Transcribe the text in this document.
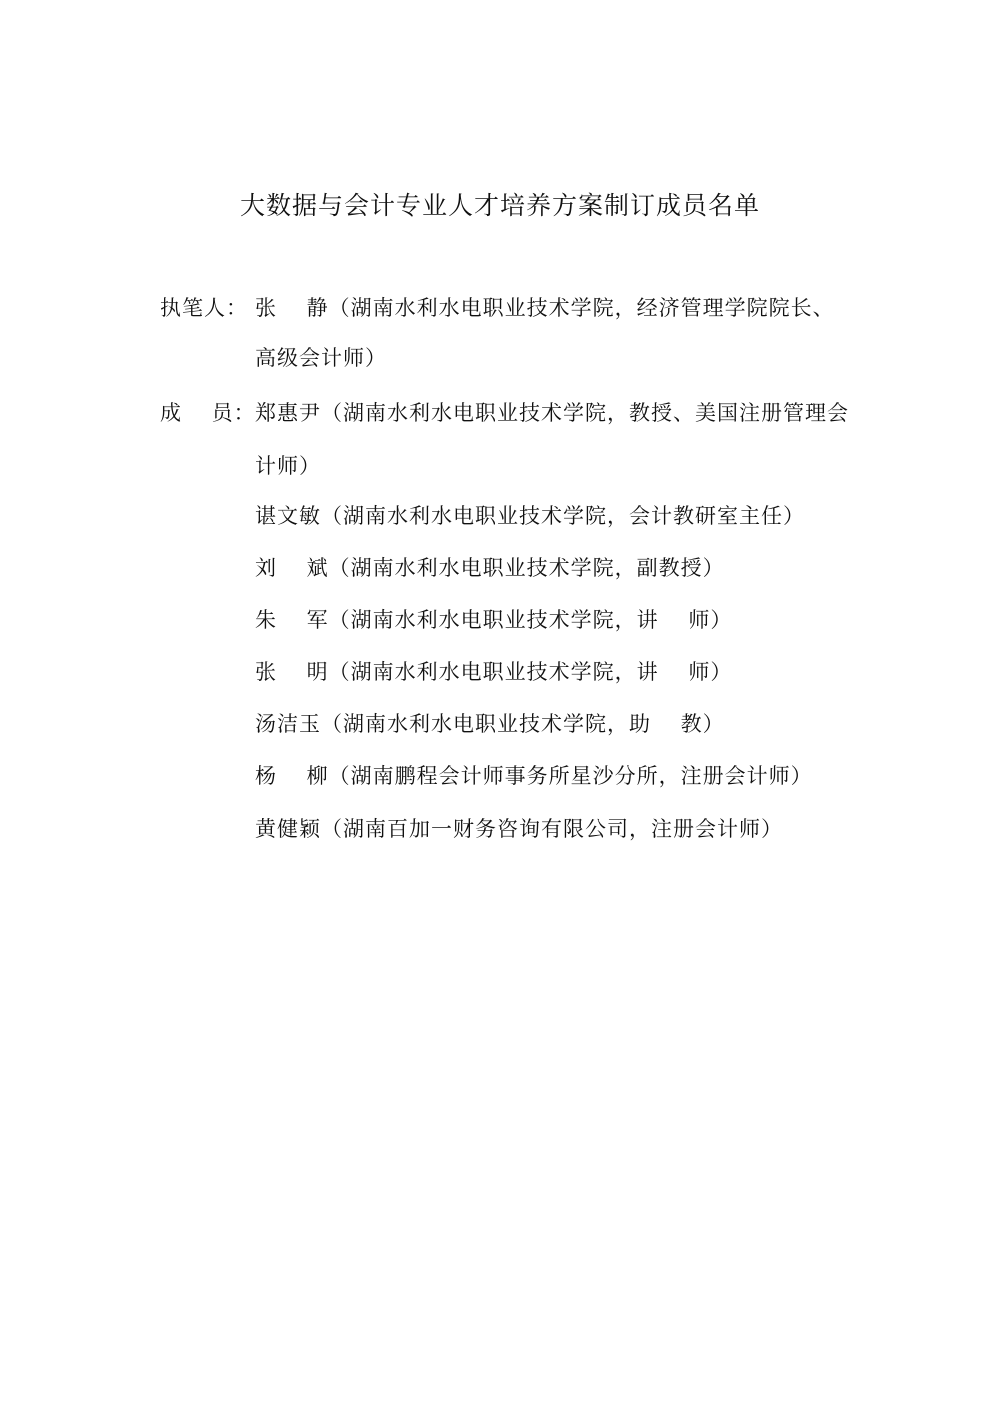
大数据与会计专业人才培养方案制订成员名单
执笔人： 张　 静（湖南水利水电职业技术学院，经济管理学院院长、
高级会计师）
成　 员： 郑惠尹（湖南水利水电职业技术学院，教授、美国注册管理会
计师）
谌文敏（湖南水利水电职业技术学院，会计教研室主任）
刘　 斌（湖南水利水电职业技术学院，副教授）
朱　 军（湖南水利水电职业技术学院，讲　 师）
张　 明（湖南水利水电职业技术学院，讲　 师）
汤洁玉（湖南水利水电职业技术学院，助　 教）
杨　 柳（湖南鹏程会计师事务所星沙分所，注册会计师）
黄健颖（湖南百加一财务咨询有限公司，注册会计师）
